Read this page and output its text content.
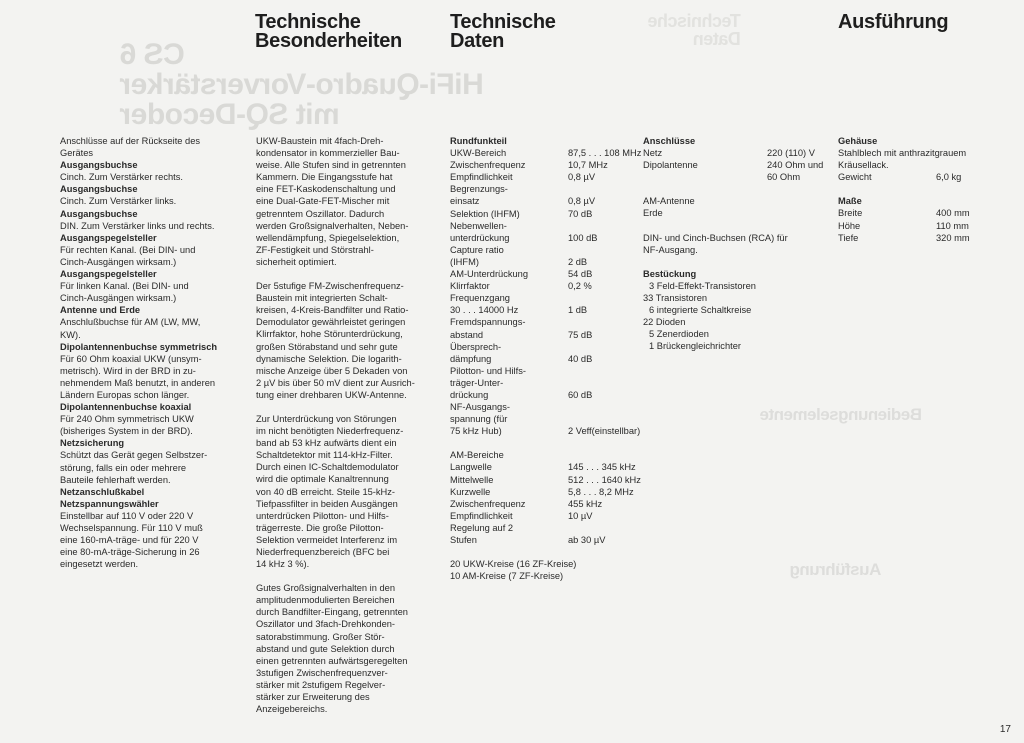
CS 6
HiFi-Quadro-Vorverstärker
mit SQ-Decoder
Technische
Daten
Bedienungselemente
Ausführung
Technische
Besonderheiten
Technische
Daten
Ausführung

Anschlüsse auf der Rückseite des

Gerätes

Ausgangsbuchse

Cinch. Zum Verstärker rechts.

Ausgangsbuchse

Cinch. Zum Verstärker links.

Ausgangsbuchse

DIN. Zum Verstärker links und rechts.

Ausgangspegelsteller

Für rechten Kanal. (Bei DIN- und

Cinch-Ausgängen wirksam.)

Ausgangspegelsteller

Für linken Kanal. (Bei DIN- und

Cinch-Ausgängen wirksam.)

Antenne und Erde

Anschlußbuchse für AM (LW, MW,

KW).

Dipolantennenbuchse symmetrisch

Für 60 Ohm koaxial UKW (unsym-

metrisch). Wird in der BRD in zu-

nehmendem Maß benutzt, in anderen

Ländern Europas schon länger.

Dipolantennenbuchse koaxial

Für 240 Ohm symmetrisch UKW

(bisheriges System in der BRD).

Netzsicherung

Schützt das Gerät gegen Selbstzer-

störung, falls ein oder mehrere

Bauteile fehlerhaft werden.

Netzanschlußkabel

Netzspannungswähler

Einstellbar auf 110 V oder 220 V

Wechselspannung. Für 110 V muß

eine 160-mA-träge- und für 220 V

eine 80-mA-träge-Sicherung in 26

eingesetzt werden.

UKW-Baustein mit 4fach-Dreh-

kondensator in kommerzieller Bau-

weise. Alle Stufen sind in getrennten

Kammern. Die Eingangsstufe hat

eine FET-Kaskodenschaltung und

eine Dual-Gate-FET-Mischer mit

getrenntem Oszillator. Dadurch

werden Großsignalverhalten, Neben-

wellendämpfung, Spiegelselektion,

ZF-Festigkeit und Störstrahl-

sicherheit optimiert.

Der 5stufige FM-Zwischenfrequenz-

Baustein mit integrierten Schalt-

kreisen, 4-Kreis-Bandfilter und Ratio-

Demodulator gewährleistet geringen

Klirrfaktor, hohe Störunterdrückung,

großen Störabstand und sehr gute

dynamische Selektion. Die logarith-

mische Anzeige über 5 Dekaden von

2 µV bis über 50 mV dient zur Ausrich-

tung einer drehbaren UKW-Antenne.

Zur Unterdrückung von Störungen

im nicht benötigten Niederfrequenz-

band ab 53 kHz aufwärts dient ein

Schaltdetektor mit 114-kHz-Filter.

Durch einen IC-Schaltdemodulator

wird die optimale Kanaltrennung

von 40 dB erreicht. Steile 15-kHz-

Tiefpassfilter in beiden Ausgängen

unterdrücken Pilotton- und Hilfs-

trägerreste. Die große Pilotton-

Selektion vermeidet Interferenz im

Niederfrequenzbereich (BFC bei

14 kHz 3 %).

Gutes Großsignalverhalten in den

amplitudenmodulierten Bereichen

durch Bandfilter-Eingang, getrennten

Oszillator und 3fach-Drehkonden-

satorabstimmung. Großer Stör-

abstand und gute Selektion durch

einen getrennten aufwärtsgeregelten

3stufigen Zwischenfrequenzver-

stärker mit 2stufigem Regelver-

stärker zur Erweiterung des

Anzeigebereichs.

Rundfunkteil

UKW-Bereich	87,5 . . . 108 MHz
Zwischenfrequenz	10,7 MHz
Empfindlichkeit	0,8 µV
Begrenzungs-
einsatz	0,8 µV
Selektion (IHFM)	70 dB
Nebenwellen-
unterdrückung	100 dB
Capture ratio
(IHFM)	2 dB
AM-Unterdrückung	54 dB
Klirrfaktor	0,2 %
Frequenzgang
30 . . . 14000 Hz	1 dB
Fremdspannungs-
abstand	75 dB
Übersprech-
dämpfung	40 dB
Pilotton- und Hilfs-
träger-Unter-
drückung	60 dB
NF-Ausgangs-
spannung (für
75 kHz Hub)	2 Veff(einstellbar)

AM-Bereiche

Langwelle	145 . . . 345 kHz
Mittelwelle	512 . . . 1640 kHz
Kurzwelle	5,8 . . . 8,2 MHz
Zwischenfrequenz	455 kHz
Empfindlichkeit	10 µV
Regelung auf 2
Stufen	ab 30 µV

20 UKW-Kreise (16 ZF-Kreise)

10 AM-Kreise (7 ZF-Kreise)

Anschlüsse

Netz	220 (110) V
Dipolantenne	240 Ohm und
60 Ohm

AM-Antenne

Erde

DIN- und Cinch-Buchsen (RCA) für

NF-Ausgang.

Bestückung

3 Feld-Effekt-Transistoren

33 Transistoren

6 integrierte Schaltkreise

22 Dioden

5 Zenerdioden

1 Brückengleichrichter

Gehäuse

Stahlblech mit anthrazitgrauem

Kräusellack.

Gewicht	6,0 kg

Maße

Breite	400 mm
Höhe	110 mm
Tiefe	320 mm
17
